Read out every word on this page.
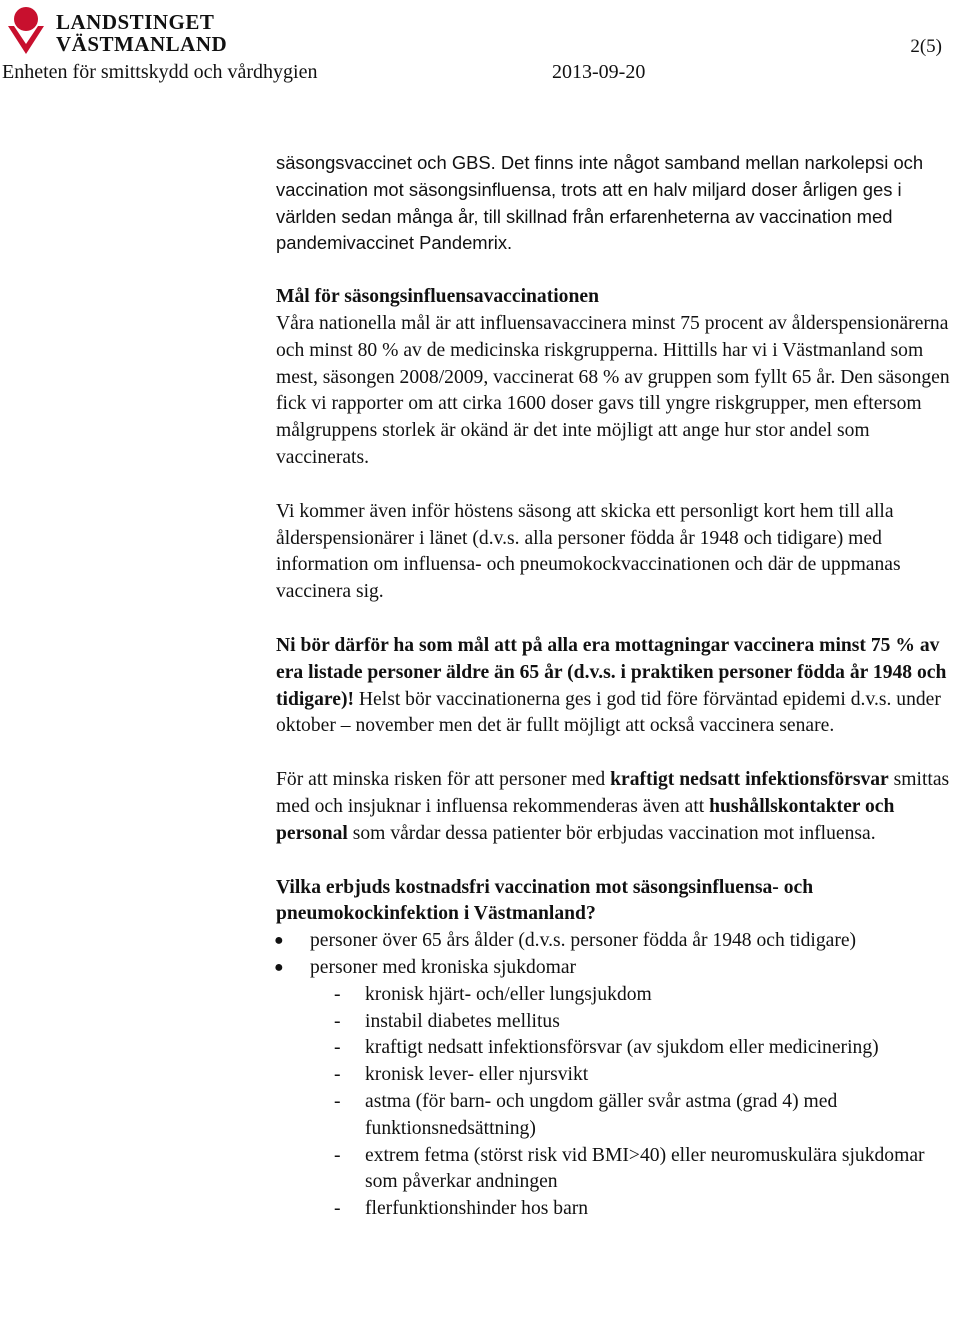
LANDSTINGET
VÄSTMANLAND	2(5)
Enheten för smittskydd och vårdhygien	2013-09-20

säsongsvaccinet och GBS. Det finns inte något samband mellan narkolepsi och vaccination mot säsongsinfluensa, trots att en halv miljard doser årligen ges i världen sedan många år, till skillnad från erfarenheterna av vaccination med pandemivaccinet Pandemrix.

Mål för säsongsinfluensavaccinationen

Våra nationella mål är att influensavaccinera minst 75 procent av ålderspensionärerna och minst 80 % av de medicinska riskgrupperna. Hittills har vi i Västmanland som mest, säsongen 2008/2009, vaccinerat 68 % av gruppen som fyllt 65 år. Den säsongen fick vi rapporter om att cirka 1600 doser gavs till yngre riskgrupper, men eftersom målgruppens storlek är okänd är det inte möjligt att ange hur stor andel som vaccinerats.

Vi kommer även inför höstens säsong att skicka ett personligt kort hem till alla ålderspensionärer i länet (d.v.s. alla personer födda år 1948 och tidigare) med information om influensa- och pneumokockvaccinationen och där de uppmanas vaccinera sig.

Ni bör därför ha som mål att på alla era mottagningar vaccinera minst 75 % av era listade personer äldre än 65 år (d.v.s. i praktiken personer födda år 1948 och tidigare)! Helst bör vaccinationerna ges i god tid före förväntad epidemi d.v.s. under oktober – november men det är fullt möjligt att också vaccinera senare.

För att minska risken för att personer med kraftigt nedsatt infektionsförsvar smittas med och insjuknar i influensa rekommenderas även att hushållskontakter och personal som vårdar dessa patienter bör erbjudas vaccination mot influensa.

Vilka erbjuds kostnadsfri vaccination mot säsongsinfluensa- och pneumokockinfektion i Västmanland?

● personer över 65 års ålder (d.v.s. personer födda år 1948 och tidigare)
● personer med kroniska sjukdomar
- kronisk hjärt- och/eller lungsjukdom
- instabil diabetes mellitus
- kraftigt nedsatt infektionsförsvar (av sjukdom eller medicinering)
- kronisk lever- eller njursvikt
- astma (för barn- och ungdom gäller svår astma (grad 4) med funktionsnedsättning)
- extrem fetma (störst risk vid BMI>40) eller neuromuskulära sjukdomar som påverkar andningen
- flerfunktionshinder hos barn
